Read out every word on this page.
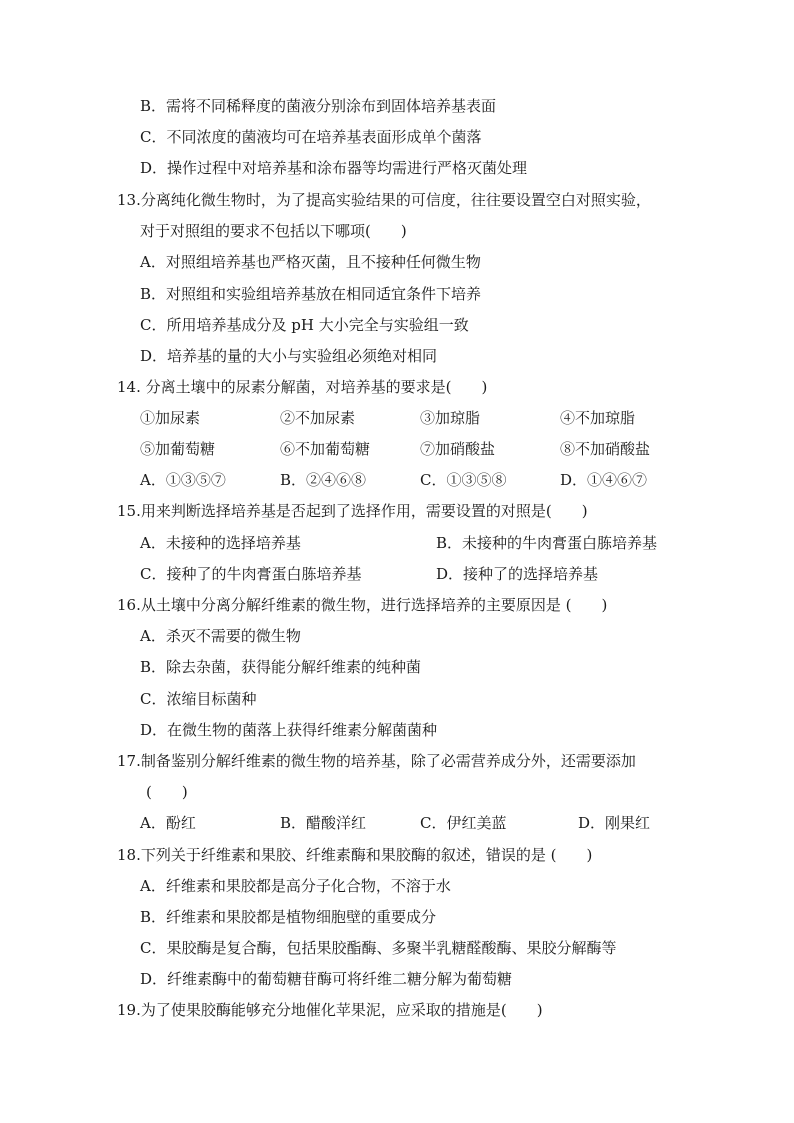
B．需将不同稀释度的菌液分别涂布到固体培养基表面
C．不同浓度的菌液均可在培养基表面形成单个菌落
D．操作过程中对培养基和涂布器等均需进行严格灭菌处理
13.分离纯化微生物时，为了提高实验结果的可信度，往往要设置空白对照实验，
对于对照组的要求不包括以下哪项(　　)
A．对照组培养基也严格灭菌，且不接种任何微生物
B．对照组和实验组培养基放在相同适宜条件下培养
C．所用培养基成分及 pH 大小完全与实验组一致
D．培养基的量的大小与实验组必须绝对相同
14. 分离土壤中的尿素分解菌，对培养基的要求是(　　)
①加尿素	②不加尿素	③加琼脂	④不加琼脂
⑤加葡萄糖	⑥不加葡萄糖	⑦加硝酸盐	⑧不加硝酸盐
A．①③⑤⑦	B．②④⑥⑧	C．①③⑤⑧	D．①④⑥⑦
15.用来判断选择培养基是否起到了选择作用，需要设置的对照是(　　)
A．未接种的选择培养基	B．未接种的牛肉膏蛋白胨培养基
C．接种了的牛肉膏蛋白胨培养基	D．接种了的选择培养基
16.从土壤中分离分解纤维素的微生物，进行选择培养的主要原因是 (　　)
A．杀灭不需要的微生物
B．除去杂菌，获得能分解纤维素的纯种菌
C．浓缩目标菌种
D．在微生物的菌落上获得纤维素分解菌菌种
17.制备鉴别分解纤维素的微生物的培养基，除了必需营养成分外，还需要添加
(　　)
A．酚红	B．醋酸洋红	C．伊红美蓝	D．刚果红
18.下列关于纤维素和果胶、纤维素酶和果胶酶的叙述，错误的是 (　　)
A．纤维素和果胶都是高分子化合物，不溶于水
B．纤维素和果胶都是植物细胞壁的重要成分
C．果胶酶是复合酶，包括果胶酯酶、多聚半乳糖醛酸酶、果胶分解酶等
D．纤维素酶中的葡萄糖苷酶可将纤维二糖分解为葡萄糖
19.为了使果胶酶能够充分地催化苹果泥，应采取的措施是(　　)
